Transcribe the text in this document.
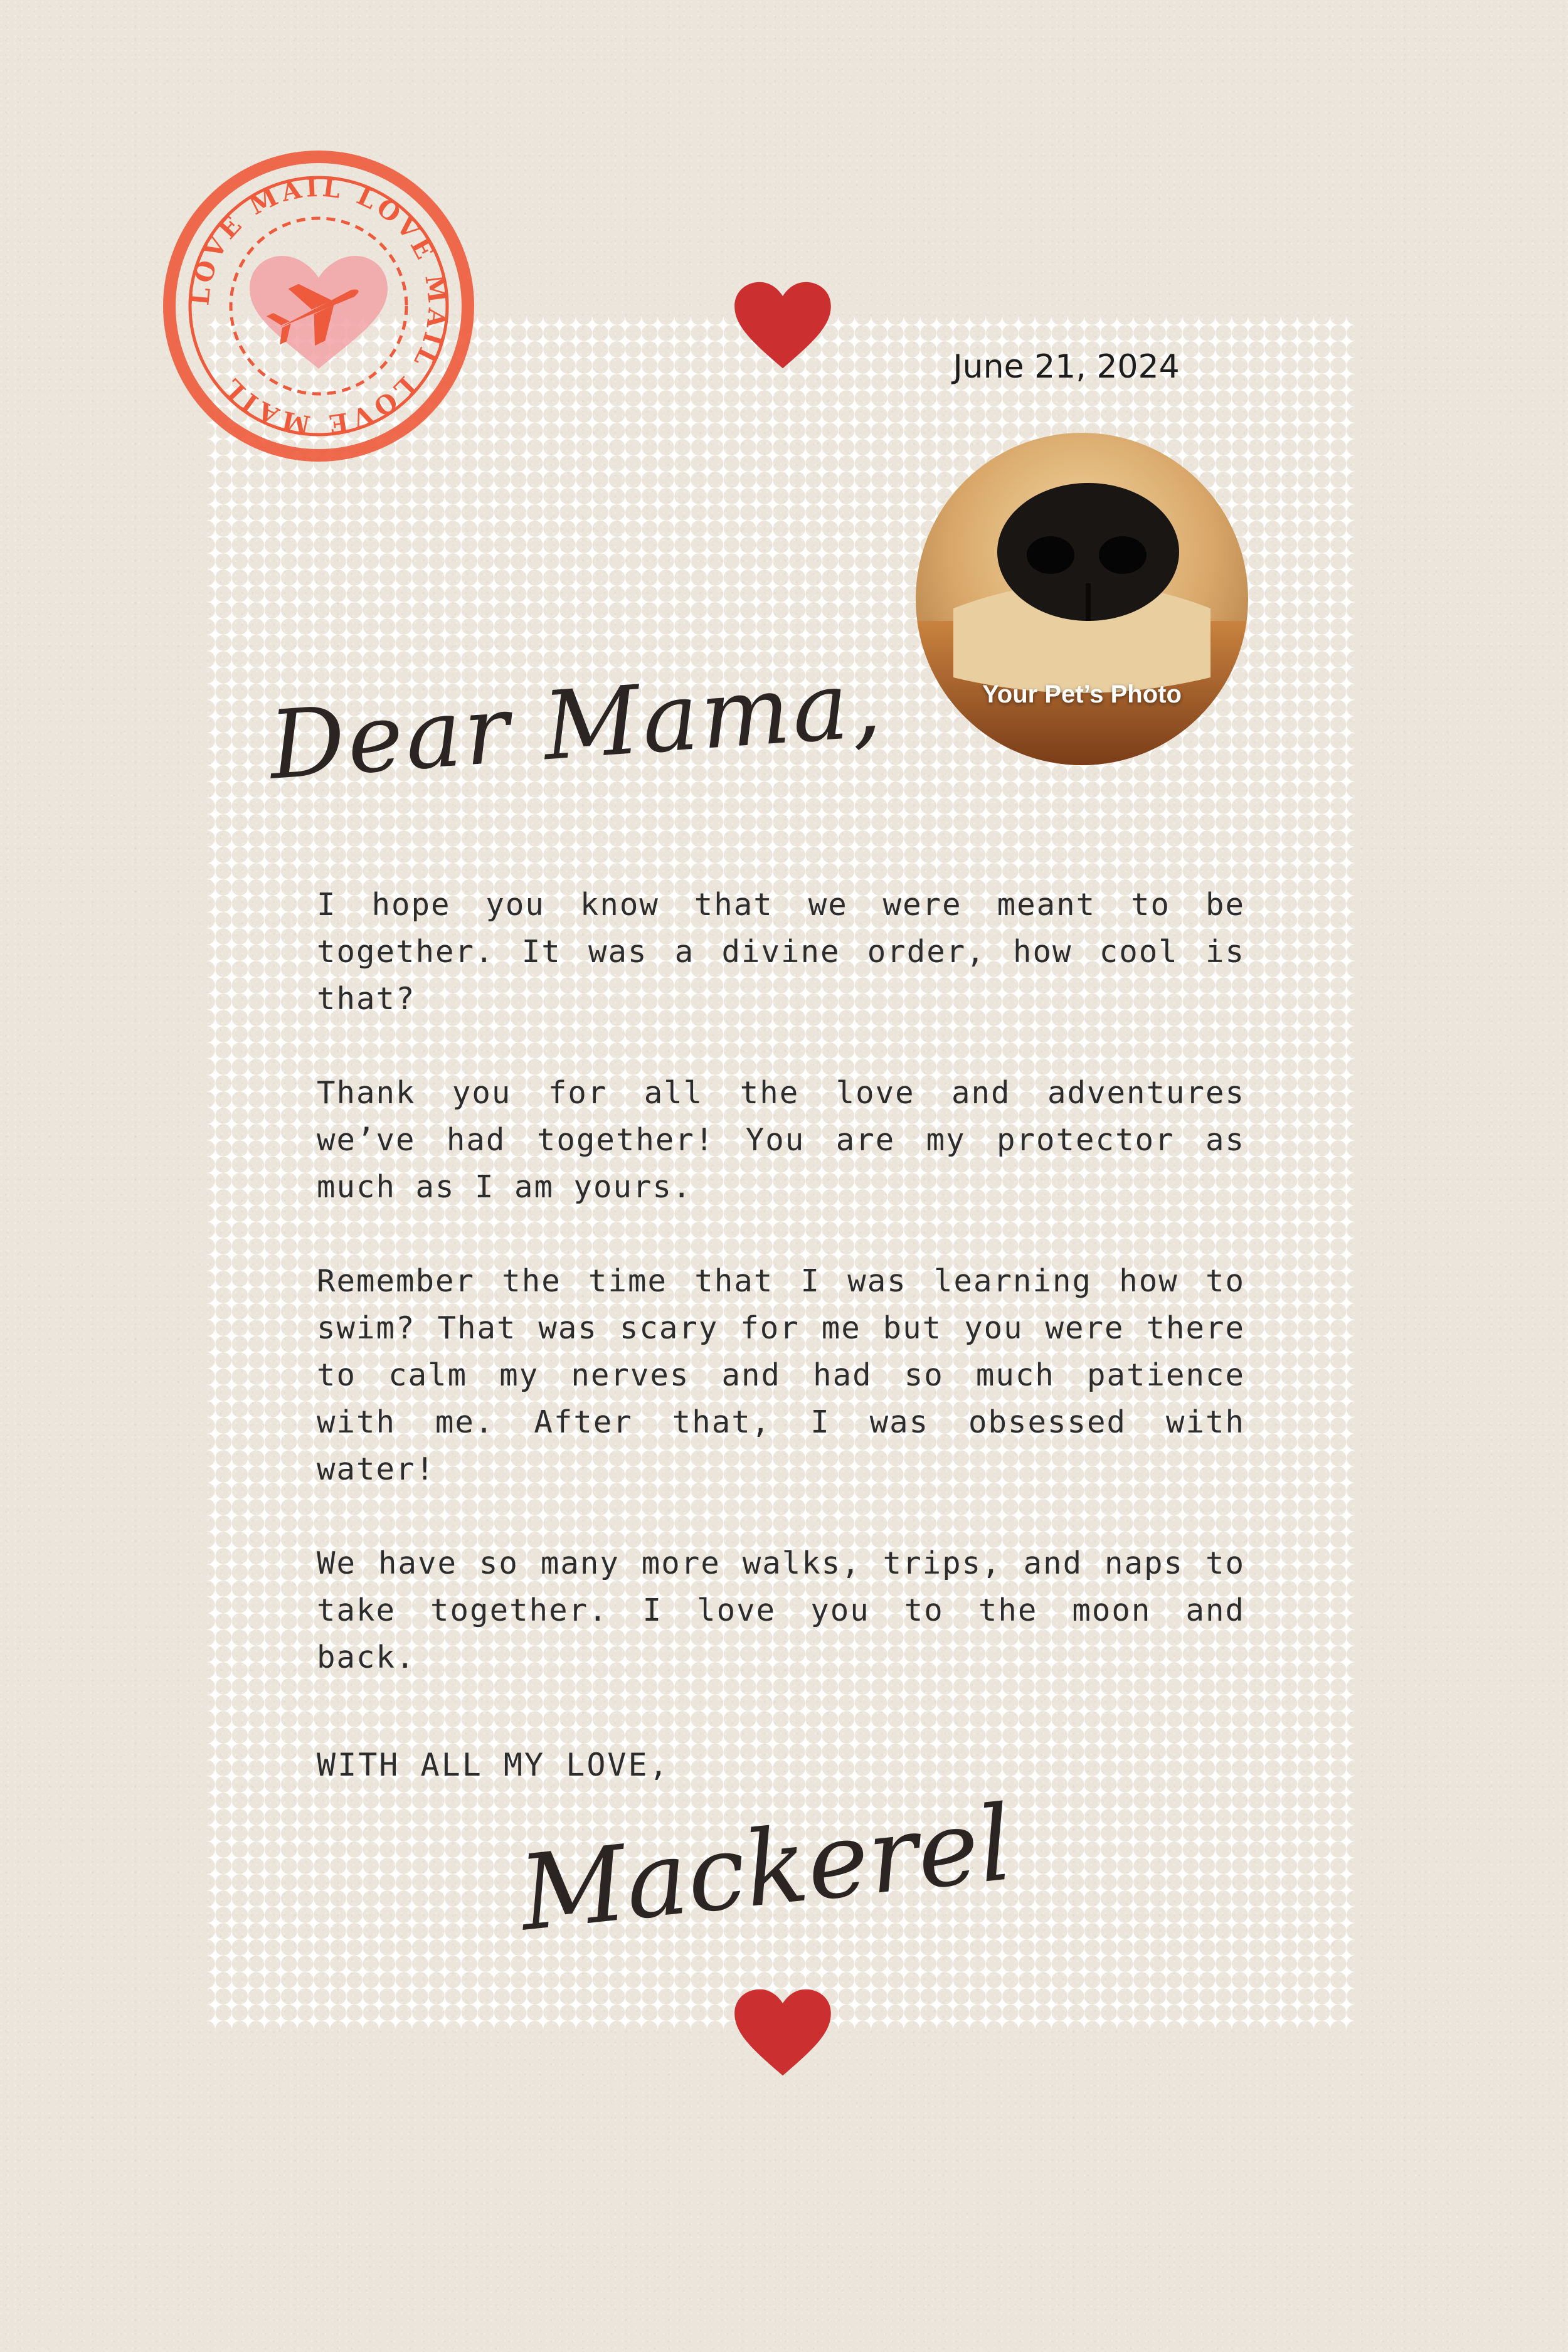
LOVE MAIL LOVE MAIL LOVE MAIL
June 21, 2024
Your Pet’s Photo
Dear Mama,

I hope you know that we were meant to be together. It was a divine order, how cool is that?

Thank you for all the love and adventures we’ve had together! You are my protector as much as I am yours.

Remember the time that I was learning how to swim? That was scary for me but you were there to calm my nerves and had so much patience with me. After that, I was obsessed with water!

We have so many more walks, trips, and naps to take together. I love you to the moon and back.

WITH ALL MY LOVE,
Mackerel
